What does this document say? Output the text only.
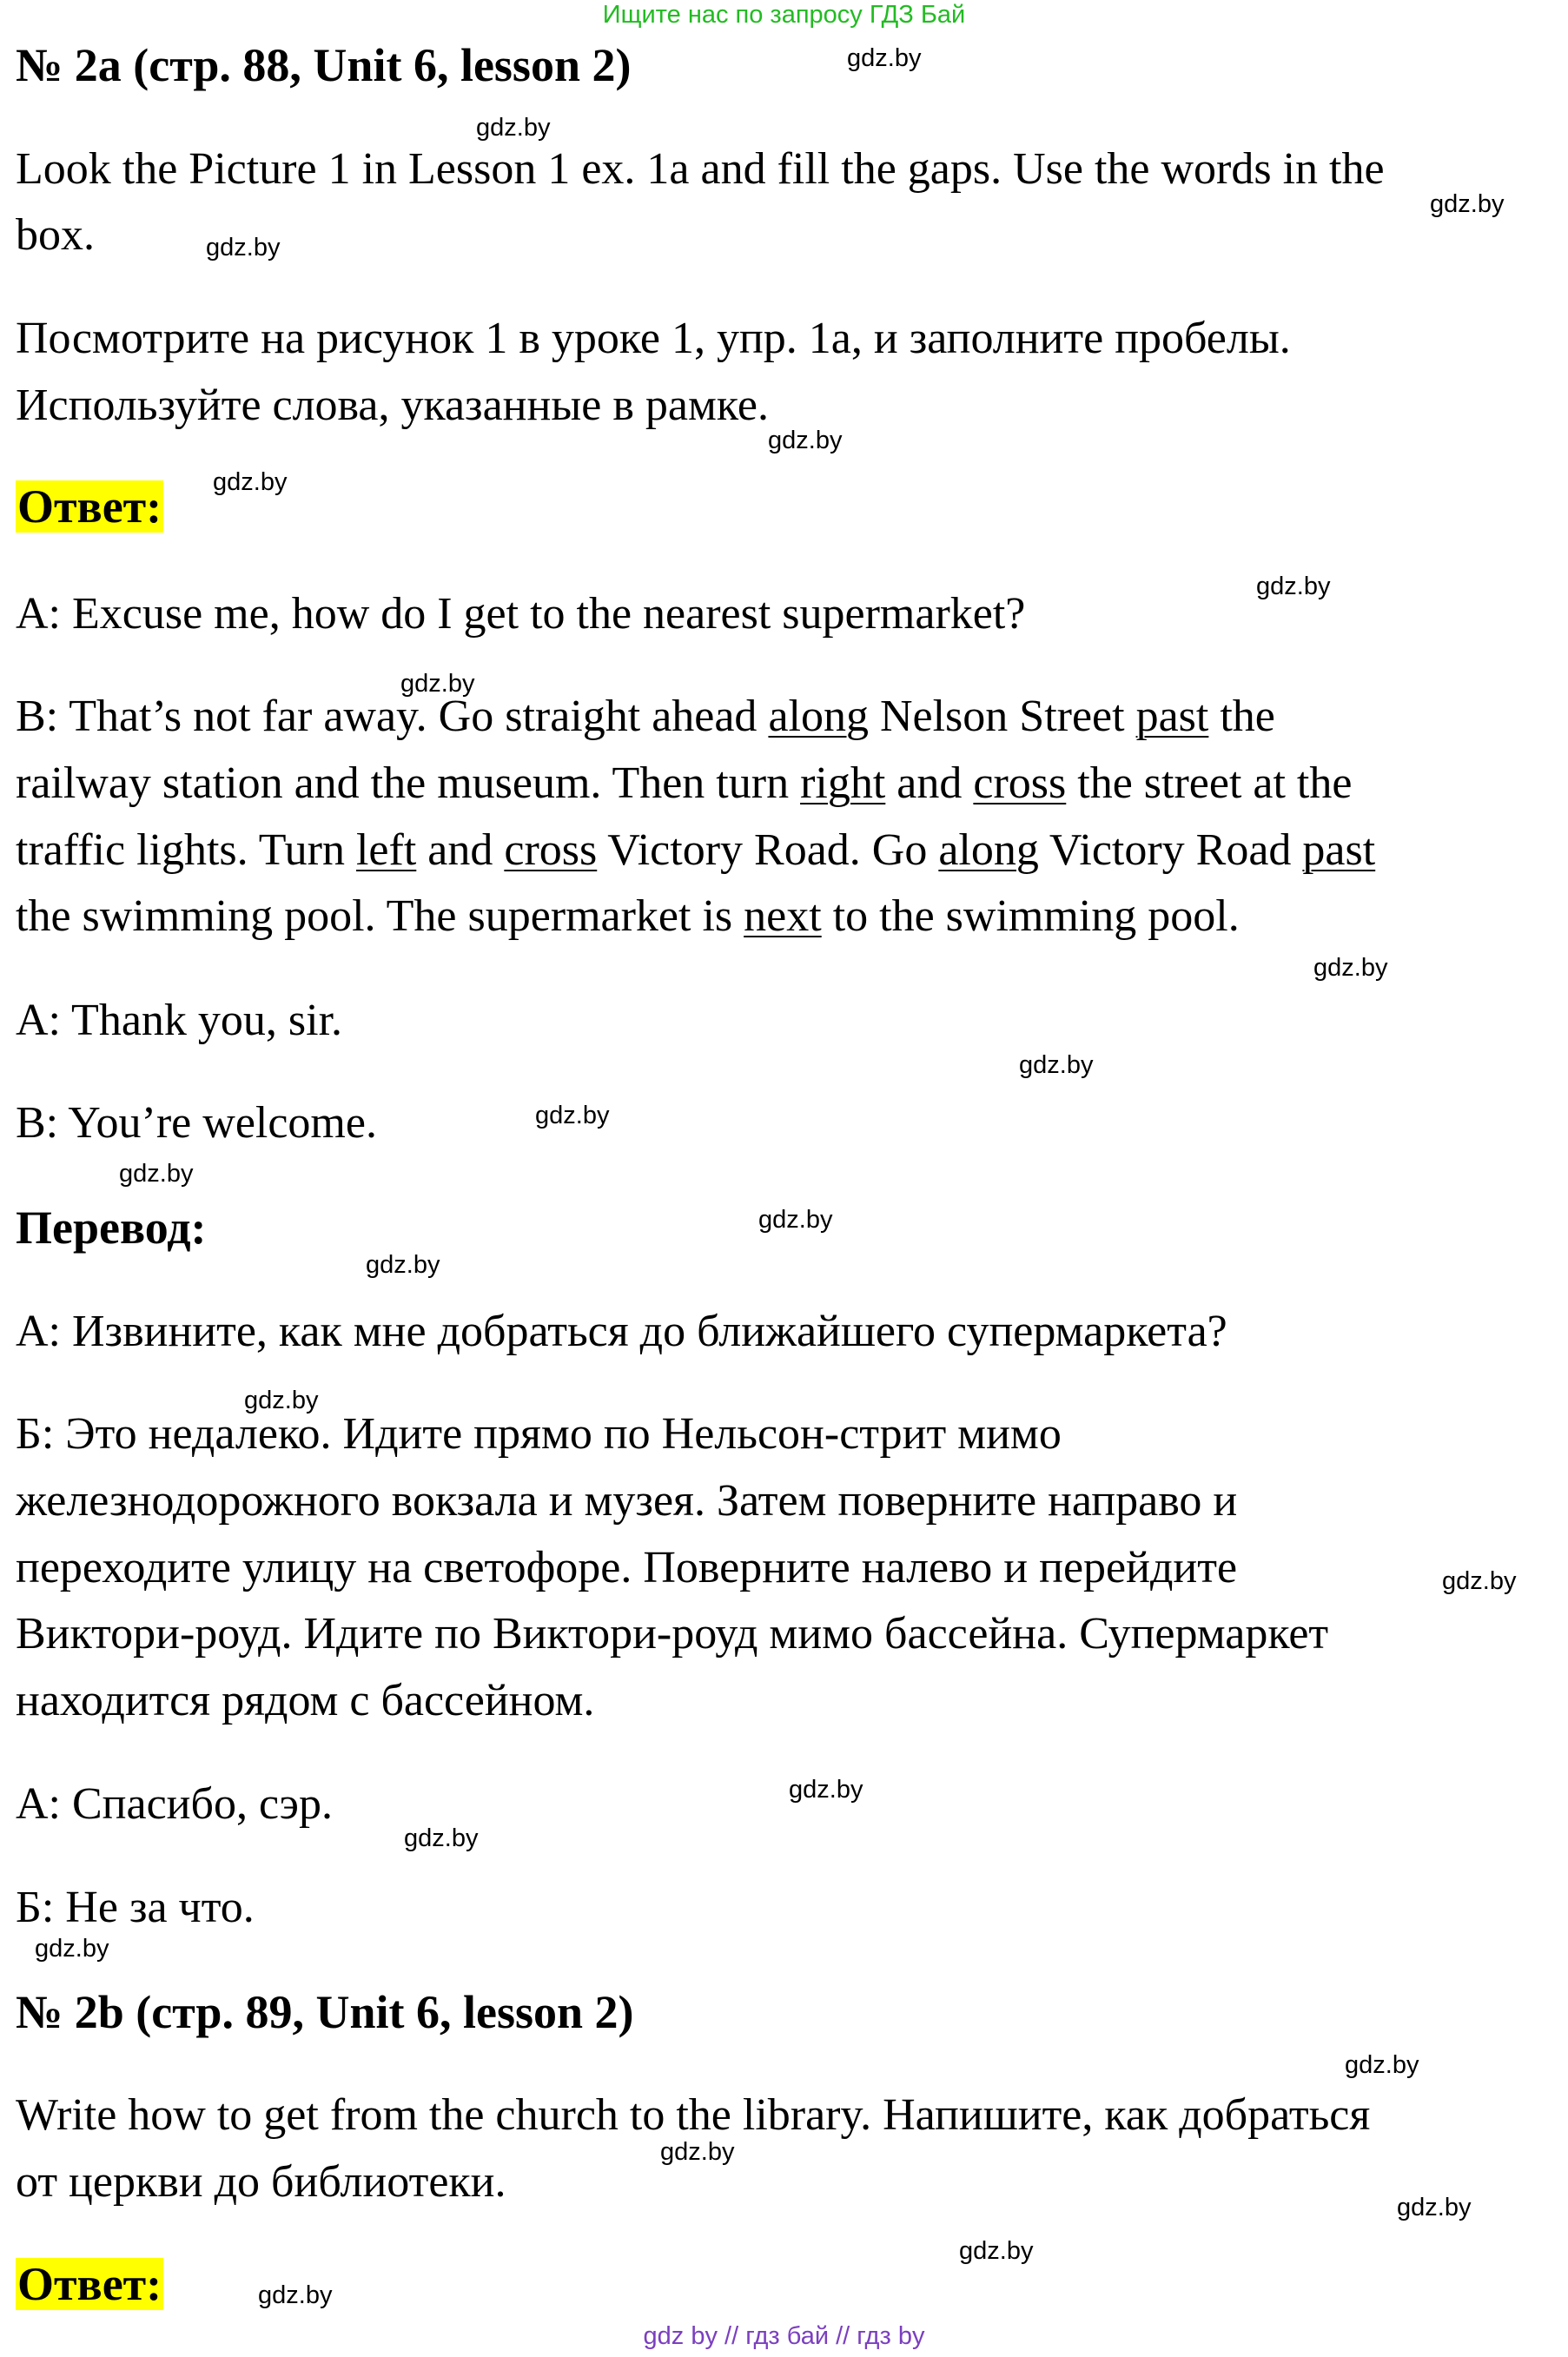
Ищите нас по запросу ГДЗ Бай
№ 2a (стр. 88, Unit 6, lesson 2)
Look the Picture 1 in Lesson 1 ex. 1a and fill the gaps. Use the words in the
box.
Посмотрите на рисунок 1 в уроке 1, упр. 1a, и заполните пробелы.
Используйте слова, указанные в рамке.
Ответ:
A: Excuse me, how do I get to the nearest supermarket?
B: That’s not far away. Go straight ahead along Nelson Street past the
railway station and the museum. Then turn right and cross the street at the
traffic lights. Turn left and cross Victory Road. Go along Victory Road past
the swimming pool. The supermarket is next to the swimming pool.
A: Thank you, sir.
B: You’re welcome.
Перевод:
А: Извините, как мне добраться до ближайшего супермаркета?
Б: Это недалеко. Идите прямо по Нельсон-стрит мимо
железнодорожного вокзала и музея. Затем поверните направо и
переходите улицу на светофоре. Поверните налево и перейдите
Виктори-роуд. Идите по Виктори-роуд мимо бассейна. Супермаркет
находится рядом с бассейном.
А: Спасибо, сэр.
Б: Не за что.
№ 2b (стр. 89, Unit 6, lesson 2)
Write how to get from the church to the library. Напишите, как добраться
от церкви до библиотеки.
Ответ:
gdz.by
gdz.by
gdz.by
gdz.by
gdz.by
gdz.by
gdz.by
gdz.by
gdz.by
gdz.by
gdz.by
gdz.by
gdz.by
gdz.by
gdz.by
gdz.by
gdz.by
gdz.by
gdz.by
gdz.by
gdz.by
gdz.by
gdz.by
gdz.by
gdz by // гдз бай // гдз by
